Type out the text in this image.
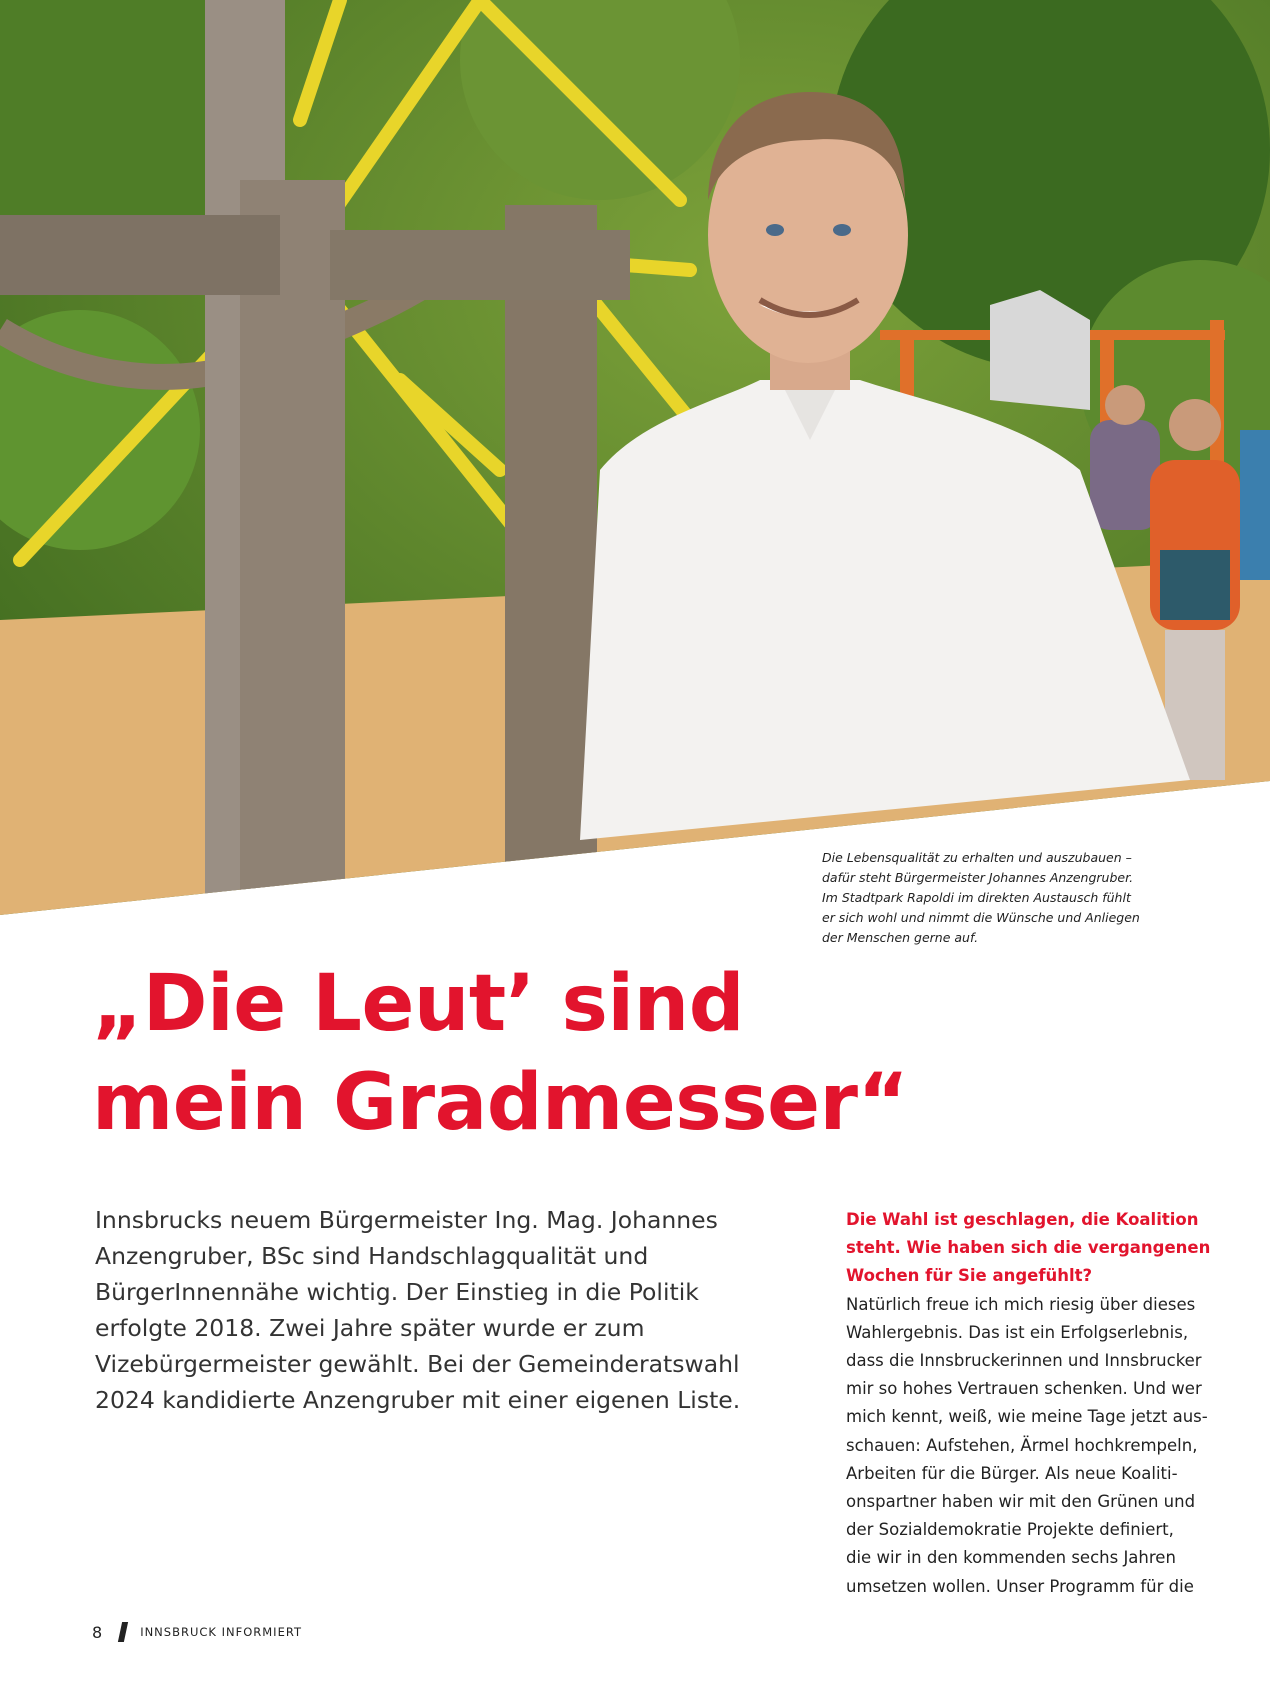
Die Lebensqualität zu erhalten und auszubauen –
dafür steht Bürgermeister Johannes Anzengruber.
Im Stadtpark Rapoldi im direkten Austausch fühlt
er sich wohl und nimmt die Wünsche und Anliegen
der Menschen gerne auf.
„Die Leut’ sind
mein Gradmesser“
Innsbrucks neuem Bürgermeister Ing. Mag. Johannes
Anzengruber, BSc sind Handschlagqualität und
BürgerInnennähe wichtig. Der Einstieg in die Politik
erfolgte 2018. Zwei Jahre später wurde er zum
Vizebürgermeister gewählt. Bei der Gemeinderatswahl
2024 kandidierte Anzengruber mit einer eigenen Liste.
Die Wahl ist geschlagen, die Koalition
steht. Wie haben sich die vergangenen
Wochen für Sie angefühlt?
Natürlich freue ich mich riesig über dieses
Wahlergebnis. Das ist ein Erfolgserlebnis,
dass die Innsbruckerinnen und Innsbrucker
mir so hohes Vertrauen schenken. Und wer
mich kennt, weiß, wie meine Tage jetzt aus-
schauen: Aufstehen, Ärmel hochkrempeln,
Arbeiten für die Bürger. Als neue Koaliti-
onspartner haben wir mit den Grünen und
der Sozialdemokratie Projekte definiert,
die wir in den kommenden sechs Jahren
umsetzen wollen. Unser Programm für die
8	INNSBRUCK INFORMIERT
